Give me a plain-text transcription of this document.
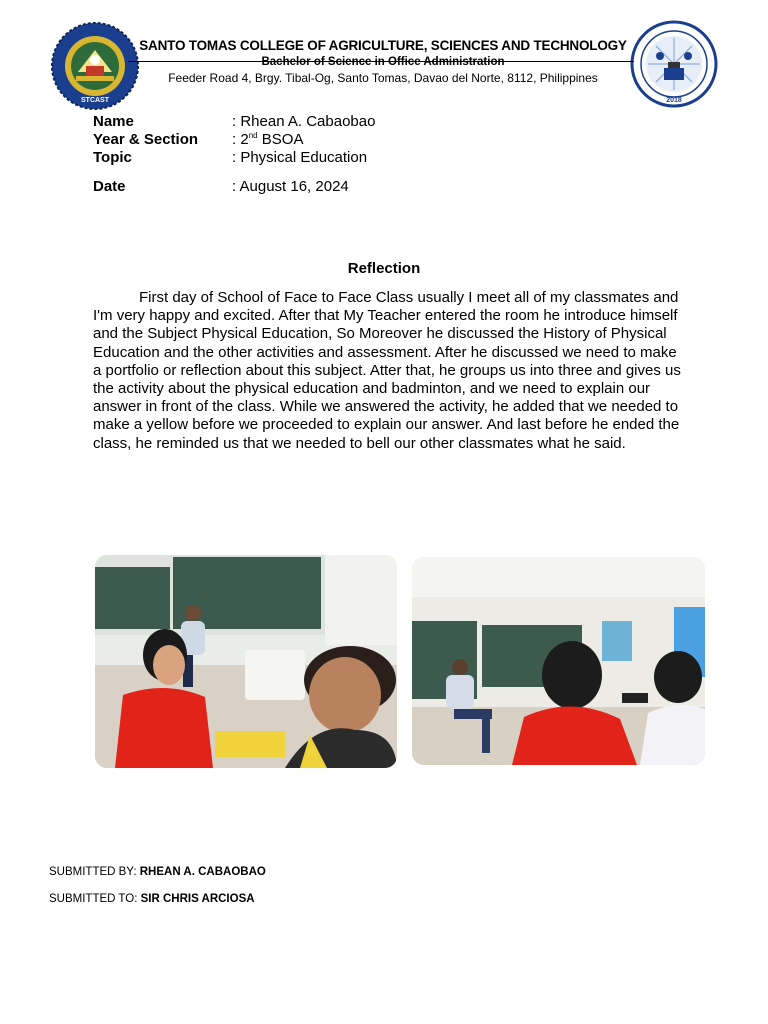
STCAST	2018
SANTO TOMAS COLLEGE OF AGRICULTURE, SCIENCES AND TECHNOLOGY
Bachelor of Science in Office Administration
Feeder Road 4, Brgy. Tibal-Og, Santo Tomas, Davao del Norte, 8112, Philippines
Name	: Rhean A. Cabaobao
Year & Section : 2nd BSOA
Topic	: Physical Education
Date	: August 16, 2024
Reflection

First day of School of Face to Face Class usually I meet all of my classmates and I'm very happy and excited. After that My Teacher entered the room he introduce himself and the Subject Physical Education, So Moreover he discussed the History of Physical Education and the other activities and assessment. After he discussed we need to make a portfolio or reflection about this subject. Atter that, he groups us into three and gives us the activity about the physical education and badminton, and we need to explain our answer in front of the class. While we answered the activity, he added that we needed to make a yellow before we proceeded to explain our answer. And last before he ended the class, he reminded us that we needed to bell our other classmates what he said.

SUBMITTED BY: RHEAN A. CABAOBAO
SUBMITTED TO: SIR CHRIS ARCIOSA
